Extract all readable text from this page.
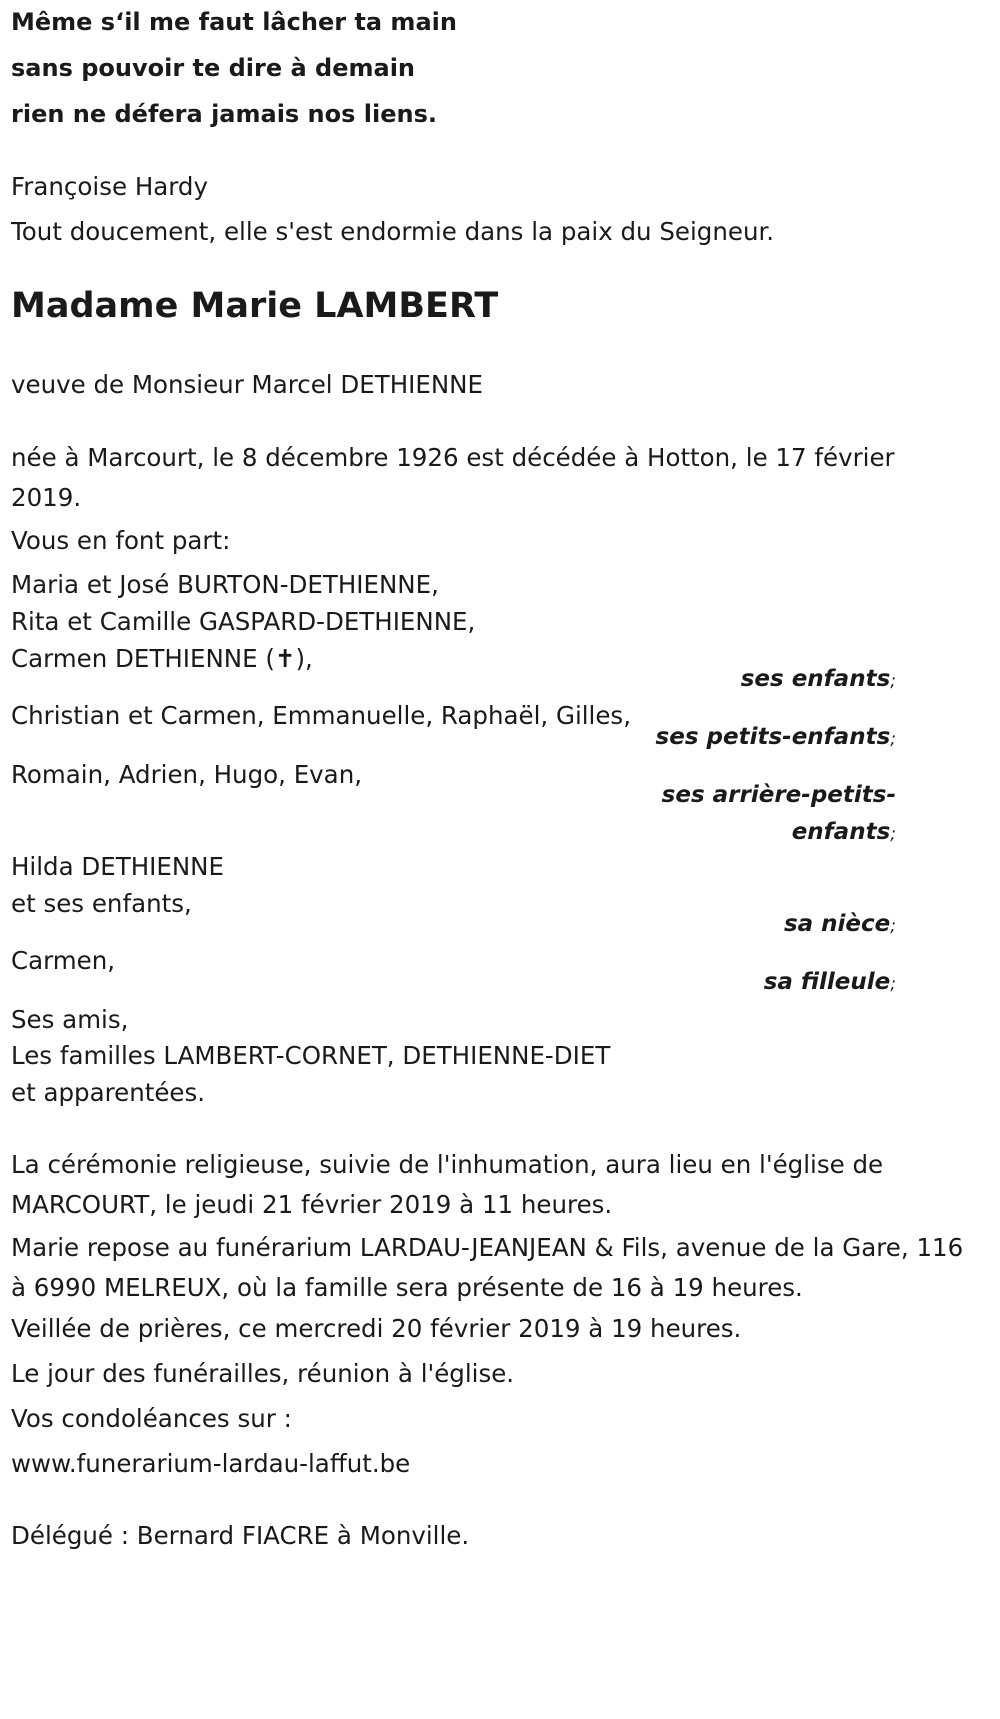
Même s‘il me faut lâcher ta main

sans pouvoir te dire à demain

rien ne défera jamais nos liens.

Françoise Hardy

Tout doucement, elle s'est endormie dans la paix du Seigneur.

Madame Marie LAMBERT

veuve de Monsieur Marcel DETHIENNE

née à Marcourt, le 8 décembre 1926 est décédée à Hotton, le 17 février 2019.

Vous en font part:

Maria et José BURTON-DETHIENNE,

Rita et Camille GASPARD-DETHIENNE,

Carmen DETHIENNE (✝),

ses enfants;

Christian et Carmen, Emmanuelle, Raphaël, Gilles,

ses petits-enfants;

Romain, Adrien, Hugo, Evan,

ses arrière-petits-enfants;

Hilda DETHIENNE

et ses enfants,

sa nièce;

Carmen,

sa filleule;

Ses amis,

Les familles LAMBERT-CORNET, DETHIENNE-DIET

et apparentées.

La cérémonie religieuse, suivie de l'inhumation, aura lieu en l'église de MARCOURT, le jeudi 21 février 2019 à 11 heures.

Marie repose au funérarium LARDAU-JEANJEAN & Fils, avenue de la Gare, 116 à 6990 MELREUX, où la famille sera présente de 16 à 19 heures.

Veillée de prières, ce mercredi 20 février 2019 à 19 heures.

Le jour des funérailles, réunion à l'église.

Vos condoléances sur :

www.funerarium-lardau-laffut.be

Délégué : Bernard FIACRE à Monville.
